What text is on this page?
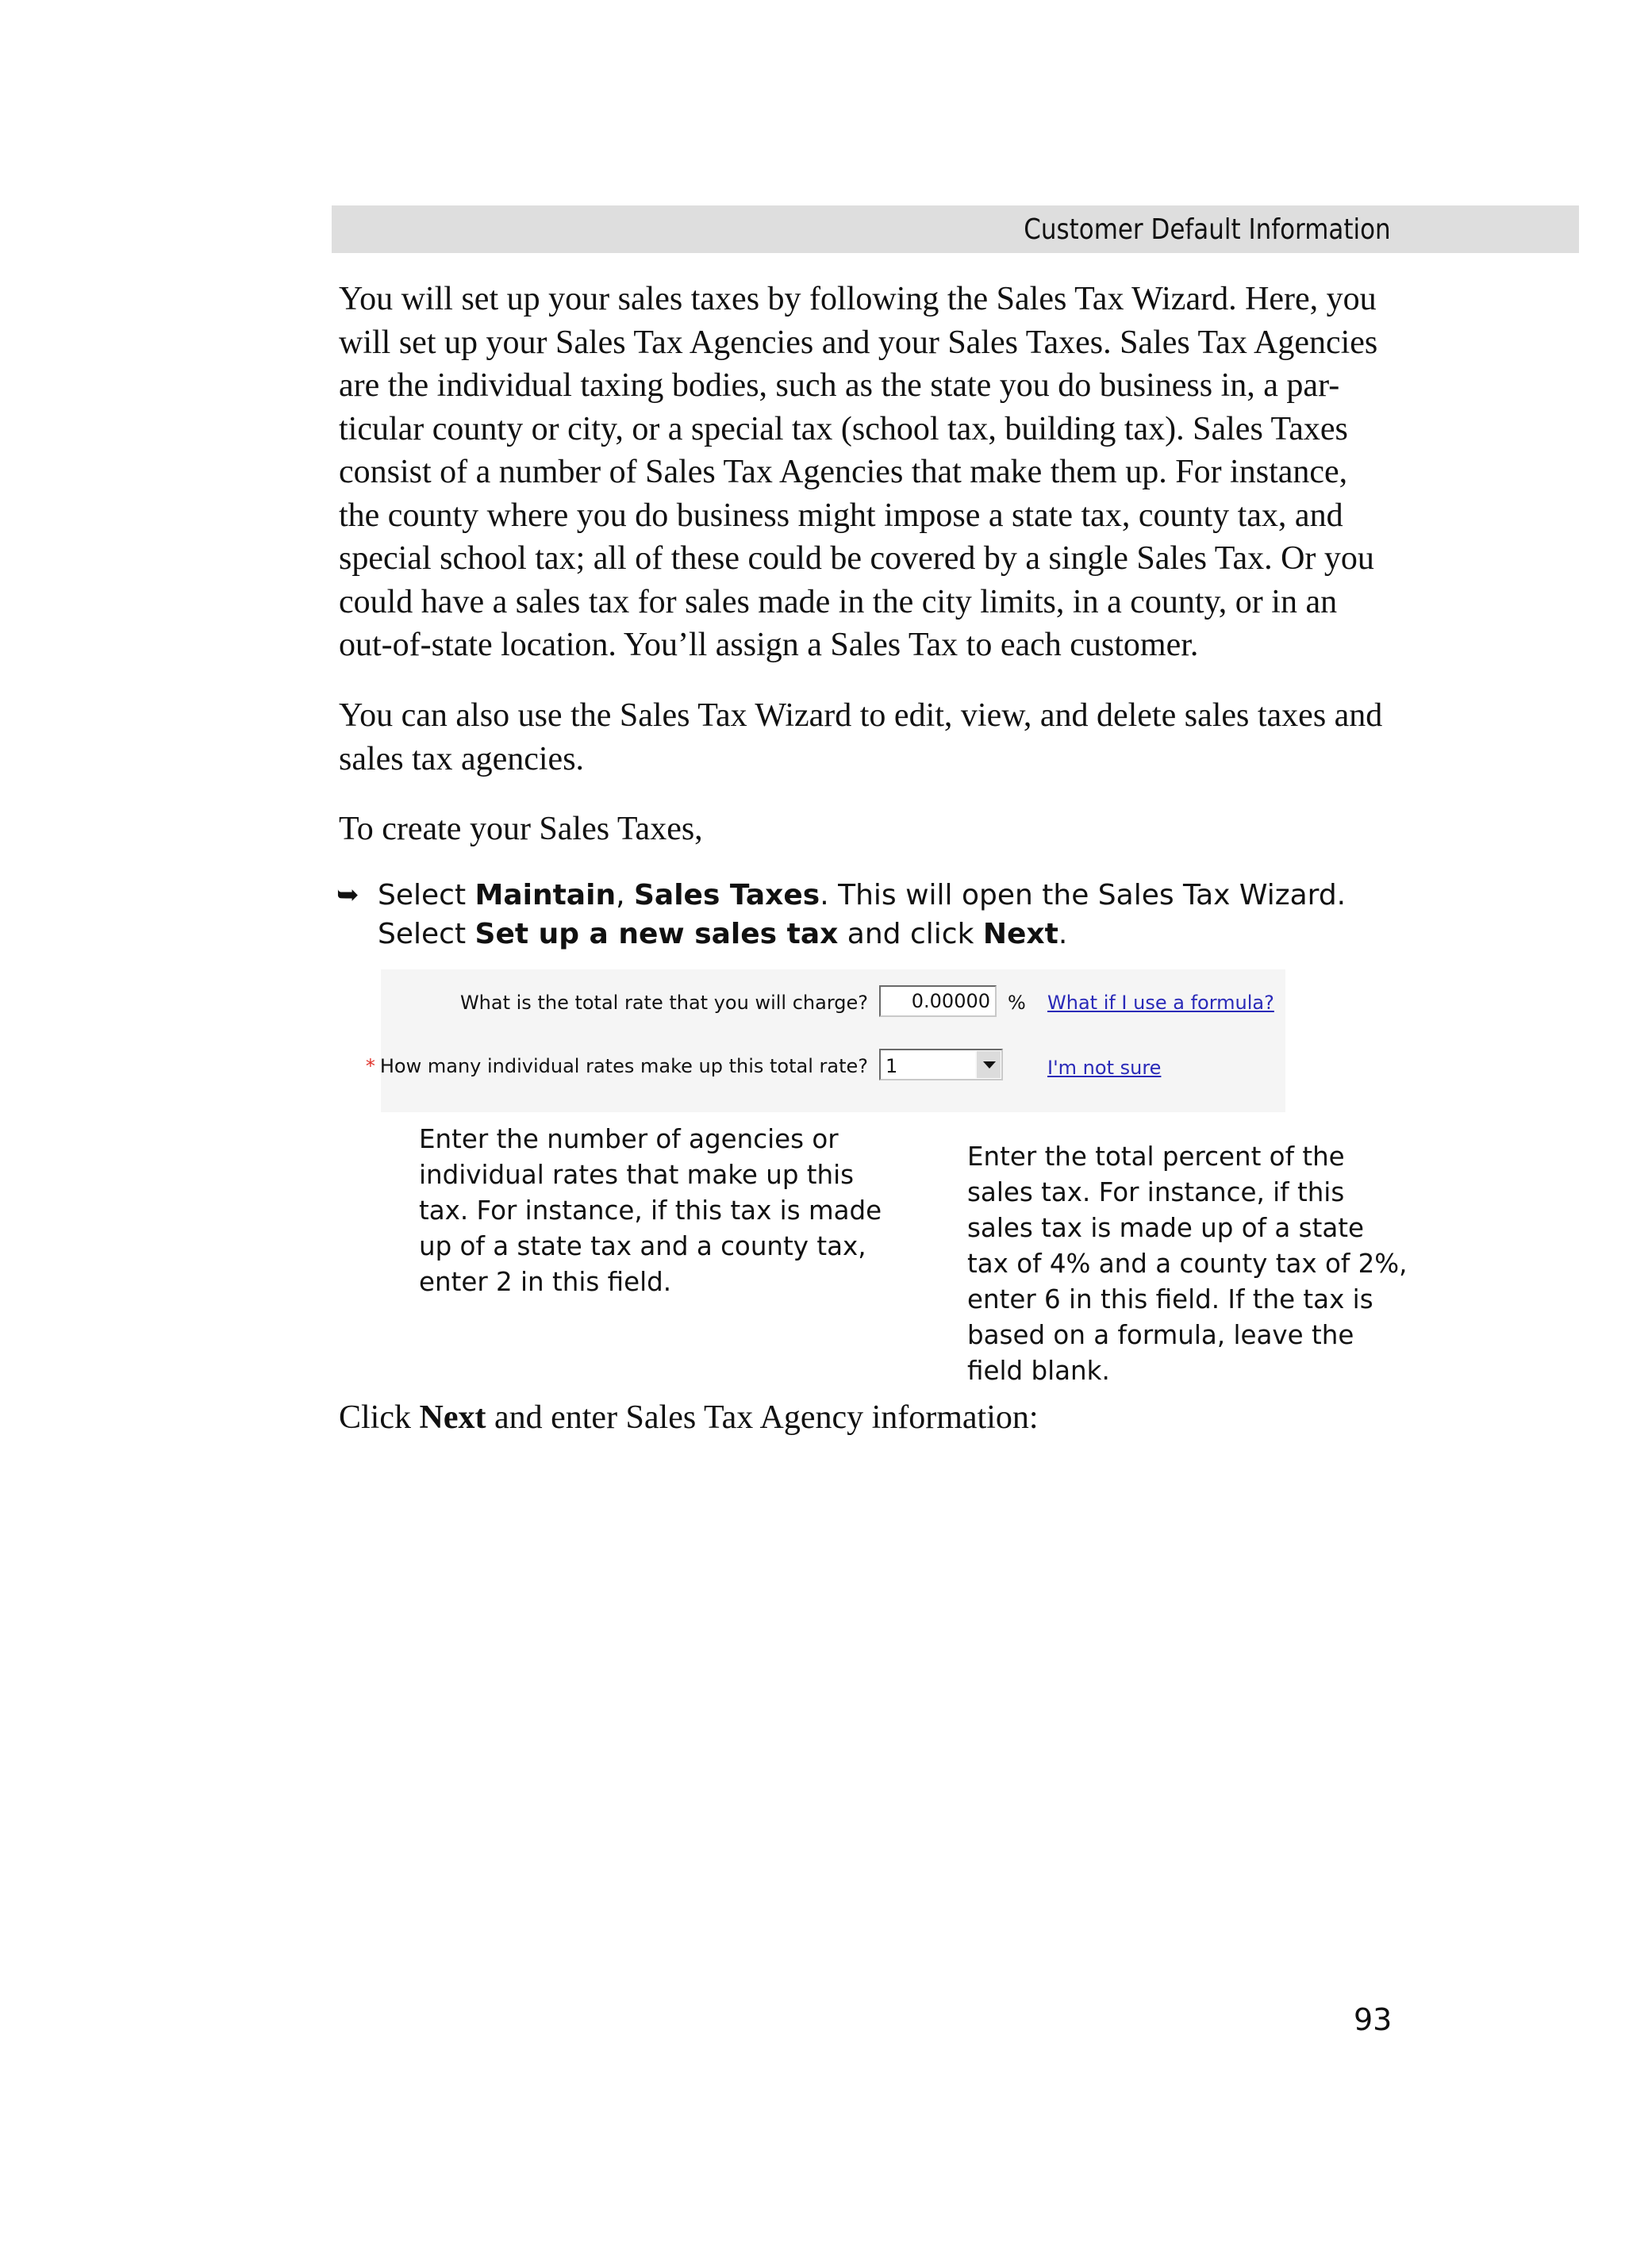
Customer Default Information

You will set up your sales taxes by following the Sales Tax Wizard. Here, you will set up your Sales Tax Agencies and your Sales Taxes. Sales Tax Agencies are the individual taxing bodies, such as the state you do business in, a par-ticular county or city, or a special tax (school tax, building tax). Sales Taxes consist of a number of Sales Tax Agencies that make them up. For instance, the county where you do business might impose a state tax, county tax, and special school tax; all of these could be covered by a single Sales Tax. Or you could have a sales tax for sales made in the city limits, in a county, or in an out-of-state location. You’ll assign a Sales Tax to each customer.

You can also use the Sales Tax Wizard to edit, view, and delete sales taxes and sales tax agencies.

To create your Sales Taxes,

➥ Select Maintain, Sales Taxes. This will open the Sales Tax Wizard.
Select Set up a new sales tax and click Next.
What is the total rate that you will charge?
0.00000	% What if I use a formula?
* How many individual rates make up this total rate? 1	I'm not sure

Enter the number of agencies or individual rates that make up this tax. For instance, if this tax is made up of a state tax and a county tax, enter 2 in this field.

Enter the total percent of the sales tax. For instance, if this sales tax is made up of a state tax of 4% and a county tax of 2%, enter 6 in this field. If the tax is based on a formula, leave the field blank.

Click Next and enter Sales Tax Agency information:

93
